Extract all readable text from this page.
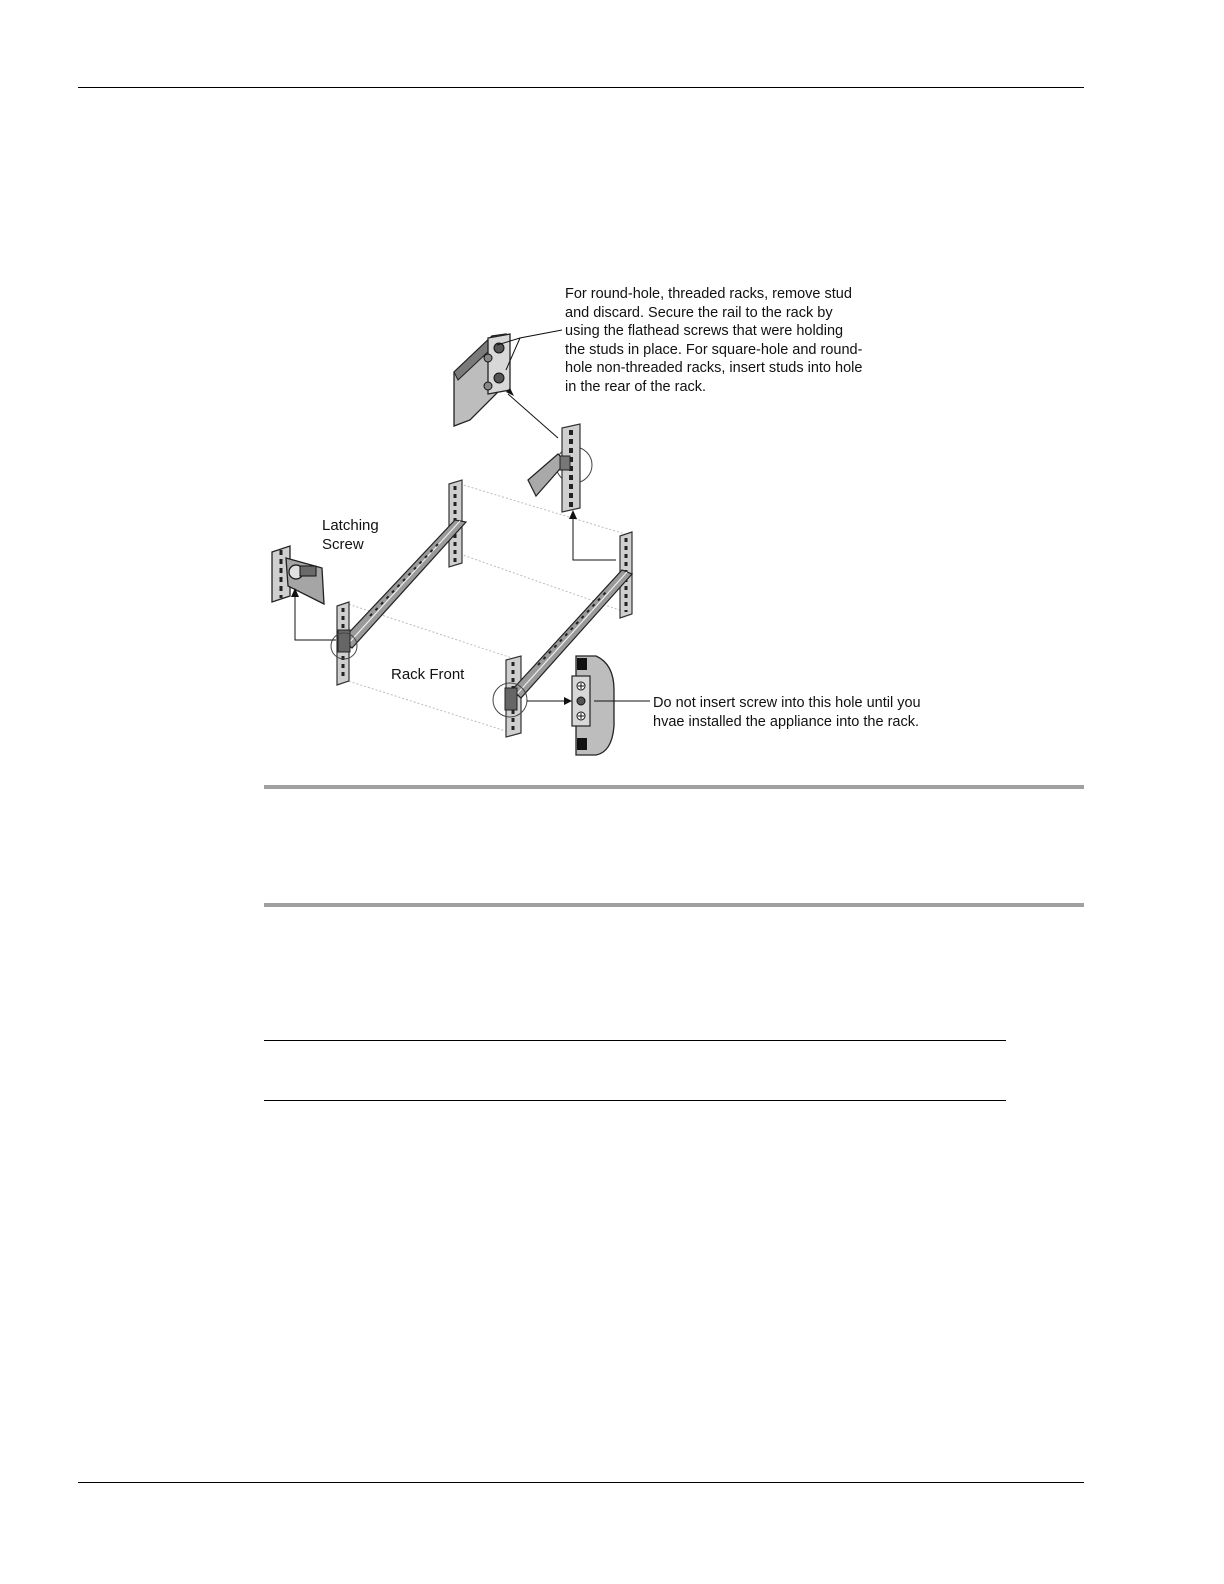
For round-hole, threaded racks, remove stud
and discard. Secure the rail to the rack by
using the flathead screws that were holding
the studs in place. For square-hole and round-
hole non-threaded racks, insert studs into hole
in the rear of the rack.
Latching
Screw
Rack Front
Do not insert screw into this hole until you
hvae installed the appliance into the rack.
